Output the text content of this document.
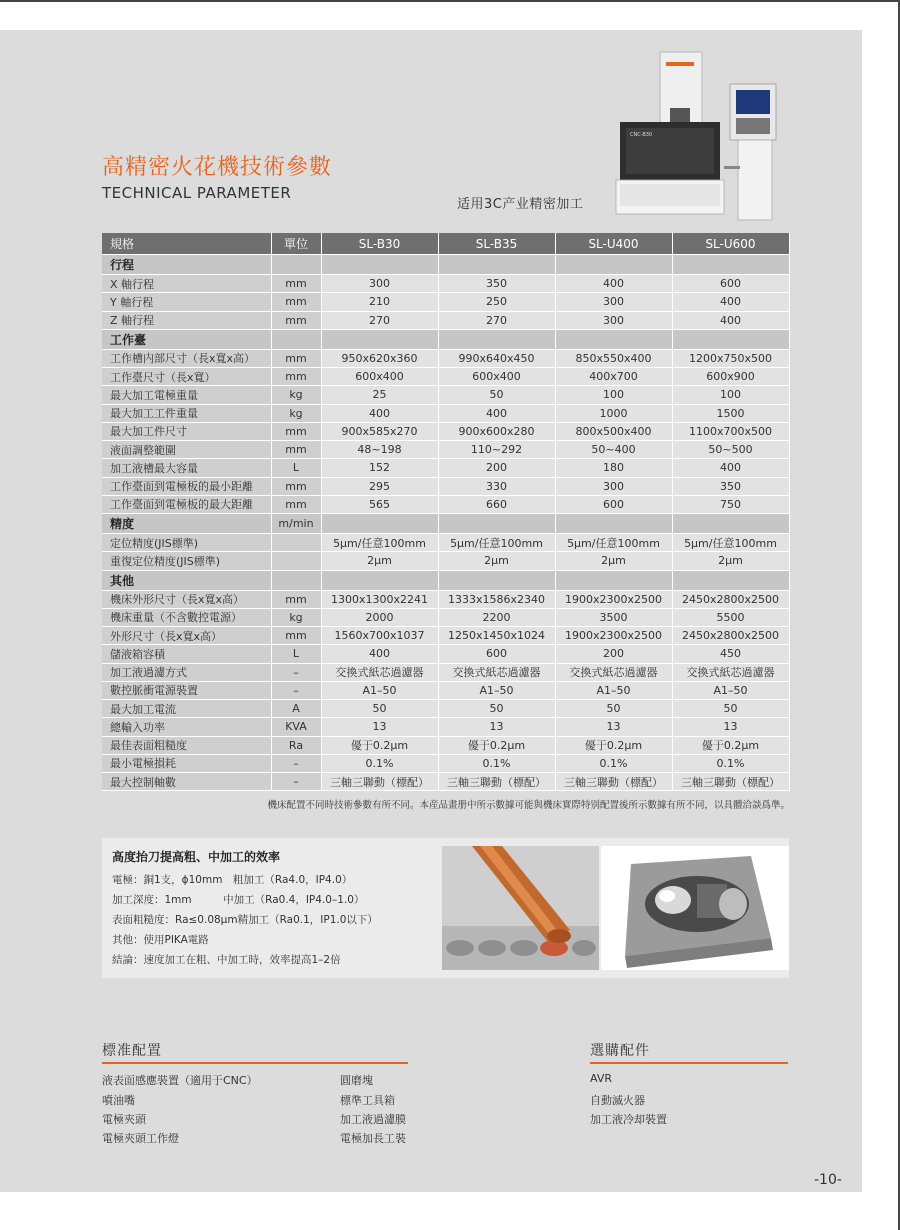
高精密火花機技術參數
TECHNICAL PARAMETER
适用3C产业精密加工
CNC-B30
規格	單位	SL-B30	SL-B35	SL-U400	SL-U600
行程					
X 軸行程	mm	300	350	400	600
Y 軸行程	mm	210	250	300	400
Z 軸行程	mm	270	270	300	400
工作臺					
工作槽内部尺寸（長x寬x高）	mm	950x620x360	990x640x450	850x550x400	1200x750x500
工作臺尺寸（長x寬）	mm	600x400	600x400	400x700	600x900
最大加工電極重量	kg	25	50	100	100
最大加工工件重量	kg	400	400	1000	1500
最大加工件尺寸	mm	900x585x270	900x600x280	800x500x400	1100x700x500
液面調整範圍	mm	48~198	110~292	50~400	50~500
加工液槽最大容量	L	152	200	180	400
工作臺面到電極板的最小距離	mm	295	330	300	350
工作臺面到電極板的最大距離	mm	565	660	600	750
精度	m/min				
定位精度(JIS標準)		5μm/任意100mm	5μm/任意100mm	5μm/任意100mm	5μm/任意100mm
重復定位精度(JIS標準)		2μm	2μm	2μm	2μm
其他					
機床外形尺寸（長x寬x高）	mm	1300x1300x2241	1333x1586x2340	1900x2300x2500	2450x2800x2500
機床重量（不含數控電源）	kg	2000	2200	3500	5500
外形尺寸（長x寬x高）	mm	1560x700x1037	1250x1450x1024	1900x2300x2500	2450x2800x2500
儲液箱容積	L	400	600	200	450
加工液過濾方式	–	交換式紙芯過濾器	交換式紙芯過濾器	交換式紙芯過濾器	交換式紙芯過濾器
數控脈衝電源裝置	–	A1–50	A1–50	A1–50	A1–50
最大加工電流	A	50	50	50	50
總輸入功率	KVA	13	13	13	13
最佳表面粗糙度	Ra	優于0.2μm	優于0.2μm	優于0.2μm	優于0.2μm
最小電極損耗	–	0.1%	0.1%	0.1%	0.1%
最大控制軸數	–	三軸三聯動（標配）	三軸三聯動（標配）	三軸三聯動（標配）	三軸三聯動（標配）
機床配置不同時技術參數有所不同。本産品畫册中所示數據可能與機床實際特别配置後所示數據有所不同，以具體洽談爲準。
高度抬刀提高粗、中加工的效率
電極：銅1支，ϕ10mm　粗加工（Ra4.0，IP4.0）
加工深度：1mm　　　中加工（Ra0.4，IP4.0–1.0）
表面粗糙度：Ra≤0.08μm精加工（Ra0.1，IP1.0以下）
其他：使用PIKA電路
結論：速度加工在粗、中加工時，效率提高1–2倍
標准配置
液表面感應裝置（適用于CNC）
噴油嘴
電極夾頭
電極夾頭工作燈
圓磨塊
標準工具箱
加工液過濾膜
電極加長工裝
選購配件
AVR
自動滅火器
加工液冷却裝置
-10-
